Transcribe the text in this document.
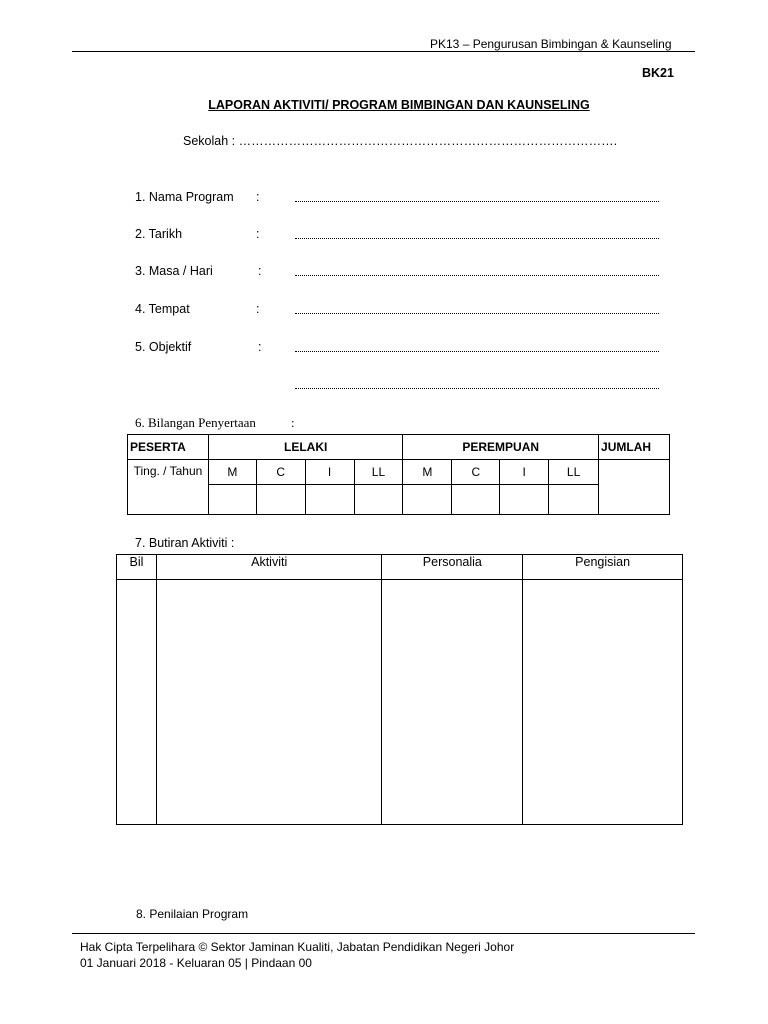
PK13 – Pengurusan Bimbingan & Kaunseling
BK21
LAPORAN AKTIVITI/ PROGRAM BIMBINGAN DAN KAUNSELING
Sekolah : ……………………………………………………………………………….
1. Nama Program :
2. Tarikh	:
3. Masa / Hari	:
4. Tempat	:
5. Objektif	:
6. Bilangan Penyertaan	:
PESERTA	LELAKI				PEREMPUAN				JUMLAH
Ting. / Tahun	M	C	I	LL	M	C	I	LL	

7. Butiran Aktiviti :
Bil	Aktiviti	Personalia	Pengisian

8. Penilaian Program
Hak Cipta Terpelihara © Sektor Jaminan Kualiti, Jabatan Pendidikan Negeri Johor
01 Januari 2018 - Keluaran 05 | Pindaan 00
